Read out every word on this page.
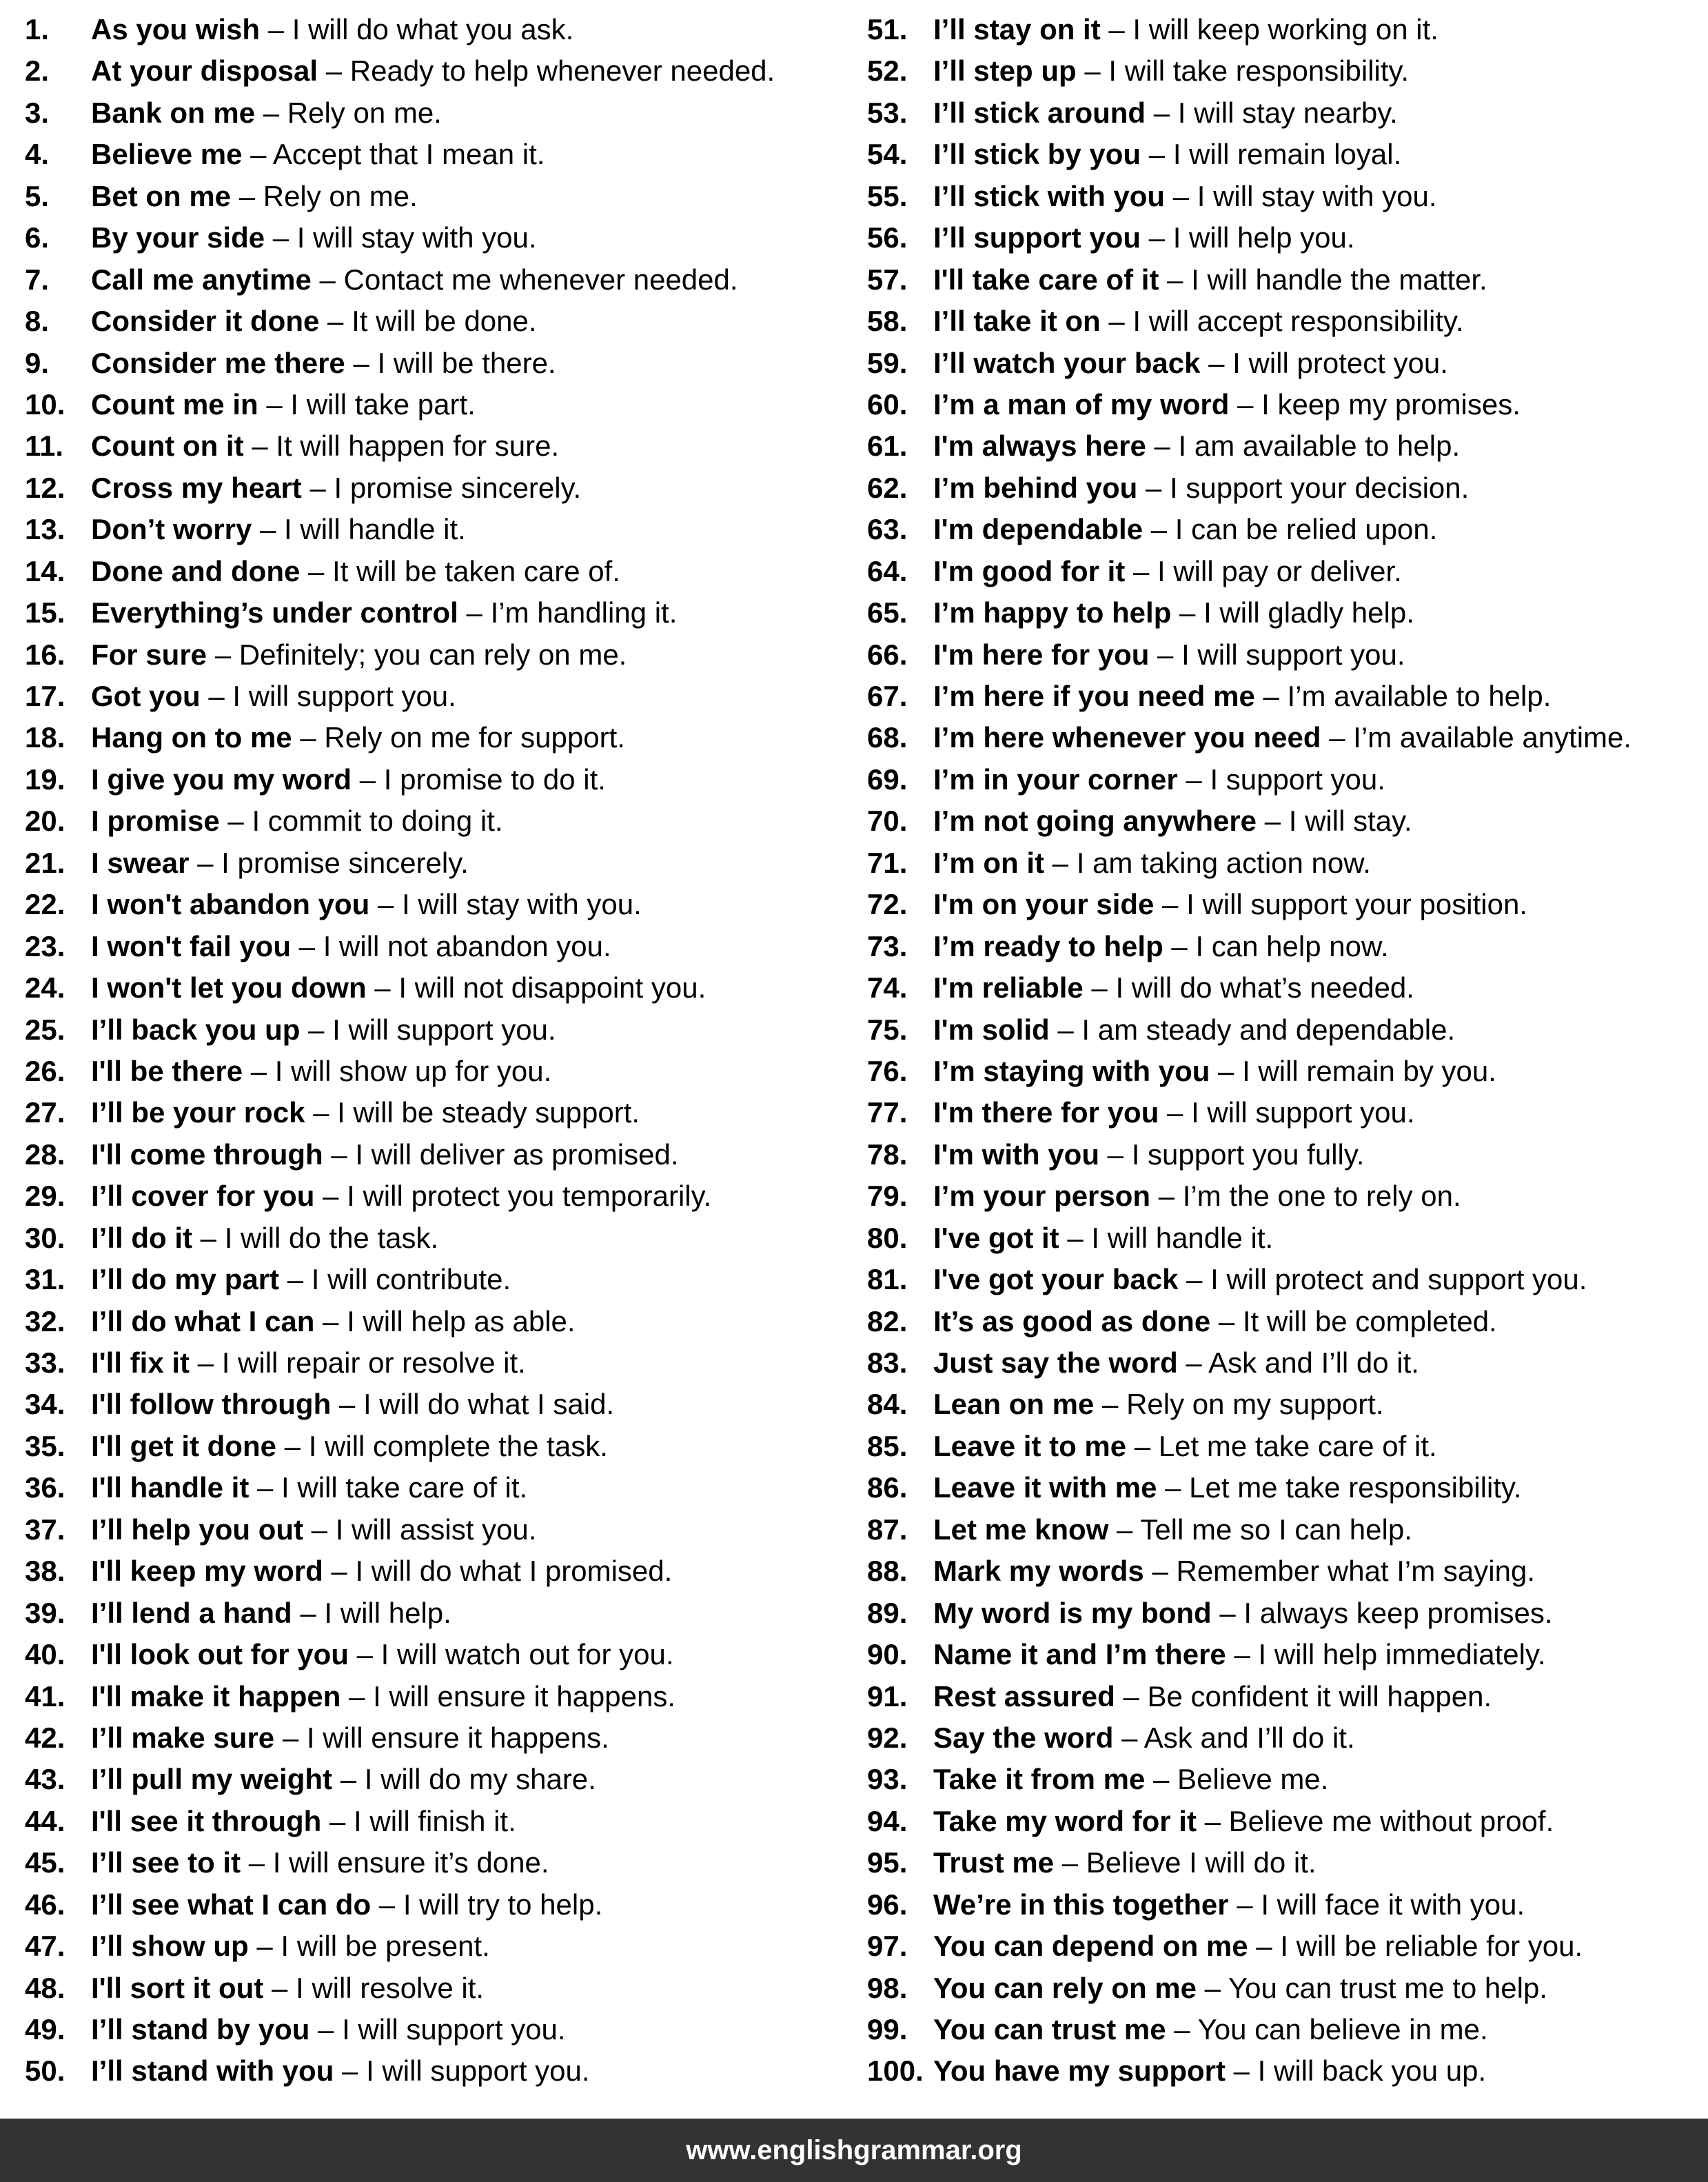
1.	As you wish – I will do what you ask.
2.	At your disposal – Ready to help whenever needed.
3.	Bank on me – Rely on me.
4.	Believe me – Accept that I mean it.
5.	Bet on me – Rely on me.
6.	By your side – I will stay with you.
7.	Call me anytime – Contact me whenever needed.
8.	Consider it done – It will be done.
9.	Consider me there – I will be there.
10. Count me in – I will take part.
11. Count on it – It will happen for sure.
12. Cross my heart – I promise sincerely.
13. Don’t worry – I will handle it.
14. Done and done – It will be taken care of.
15. Everything’s under control – I’m handling it.
16. For sure – Definitely; you can rely on me.
17. Got you – I will support you.
18. Hang on to me – Rely on me for support.
19. I give you my word – I promise to do it.
20. I promise – I commit to doing it.
21. I swear – I promise sincerely.
22. I won't abandon you – I will stay with you.
23. I won't fail you – I will not abandon you.
24. I won't let you down – I will not disappoint you.
25. I’ll back you up – I will support you.
26. I'll be there – I will show up for you.
27. I’ll be your rock – I will be steady support.
28. I'll come through – I will deliver as promised.
29. I’ll cover for you – I will protect you temporarily.
30. I’ll do it – I will do the task.
31. I’ll do my part – I will contribute.
32. I’ll do what I can – I will help as able.
33. I'll fix it – I will repair or resolve it.
34. I'll follow through – I will do what I said.
35. I'll get it done – I will complete the task.
36. I'll handle it – I will take care of it.
37. I’ll help you out – I will assist you.
38. I'll keep my word – I will do what I promised.
39. I’ll lend a hand – I will help.
40. I'll look out for you – I will watch out for you.
41. I'll make it happen – I will ensure it happens.
42. I’ll make sure – I will ensure it happens.
43. I’ll pull my weight – I will do my share.
44. I'll see it through – I will finish it.
45. I’ll see to it – I will ensure it’s done.
46. I’ll see what I can do – I will try to help.
47. I’ll show up – I will be present.
48. I'll sort it out – I will resolve it.
49. I’ll stand by you – I will support you.
50. I’ll stand with you – I will support you.
51. I’ll stay on it – I will keep working on it.
52. I’ll step up – I will take responsibility.
53. I’ll stick around – I will stay nearby.
54. I’ll stick by you – I will remain loyal.
55. I’ll stick with you – I will stay with you.
56. I’ll support you – I will help you.
57. I'll take care of it – I will handle the matter.
58. I’ll take it on – I will accept responsibility.
59. I’ll watch your back – I will protect you.
60. I’m a man of my word – I keep my promises.
61. I'm always here – I am available to help.
62. I’m behind you – I support your decision.
63. I'm dependable – I can be relied upon.
64. I'm good for it – I will pay or deliver.
65. I’m happy to help – I will gladly help.
66. I'm here for you – I will support you.
67. I’m here if you need me – I’m available to help.
68. I’m here whenever you need – I’m available anytime.
69. I’m in your corner – I support you.
70. I’m not going anywhere – I will stay.
71. I’m on it – I am taking action now.
72. I'm on your side – I will support your position.
73. I’m ready to help – I can help now.
74. I'm reliable – I will do what’s needed.
75. I'm solid – I am steady and dependable.
76. I’m staying with you – I will remain by you.
77. I'm there for you – I will support you.
78. I'm with you – I support you fully.
79. I’m your person – I’m the one to rely on.
80. I've got it – I will handle it.
81. I've got your back – I will protect and support you.
82. It’s as good as done – It will be completed.
83. Just say the word – Ask and I’ll do it.
84. Lean on me – Rely on my support.
85. Leave it to me – Let me take care of it.
86. Leave it with me – Let me take responsibility.
87. Let me know – Tell me so I can help.
88. Mark my words – Remember what I’m saying.
89. My word is my bond – I always keep promises.
90. Name it and I’m there – I will help immediately.
91. Rest assured – Be confident it will happen.
92. Say the word – Ask and I’ll do it.
93. Take it from me – Believe me.
94. Take my word for it – Believe me without proof.
95. Trust me – Believe I will do it.
96. We’re in this together – I will face it with you.
97. You can depend on me – I will be reliable for you.
98. You can rely on me – You can trust me to help.
99. You can trust me – You can believe in me.
100. You have my support – I will back you up.
www.englishgrammar.org
